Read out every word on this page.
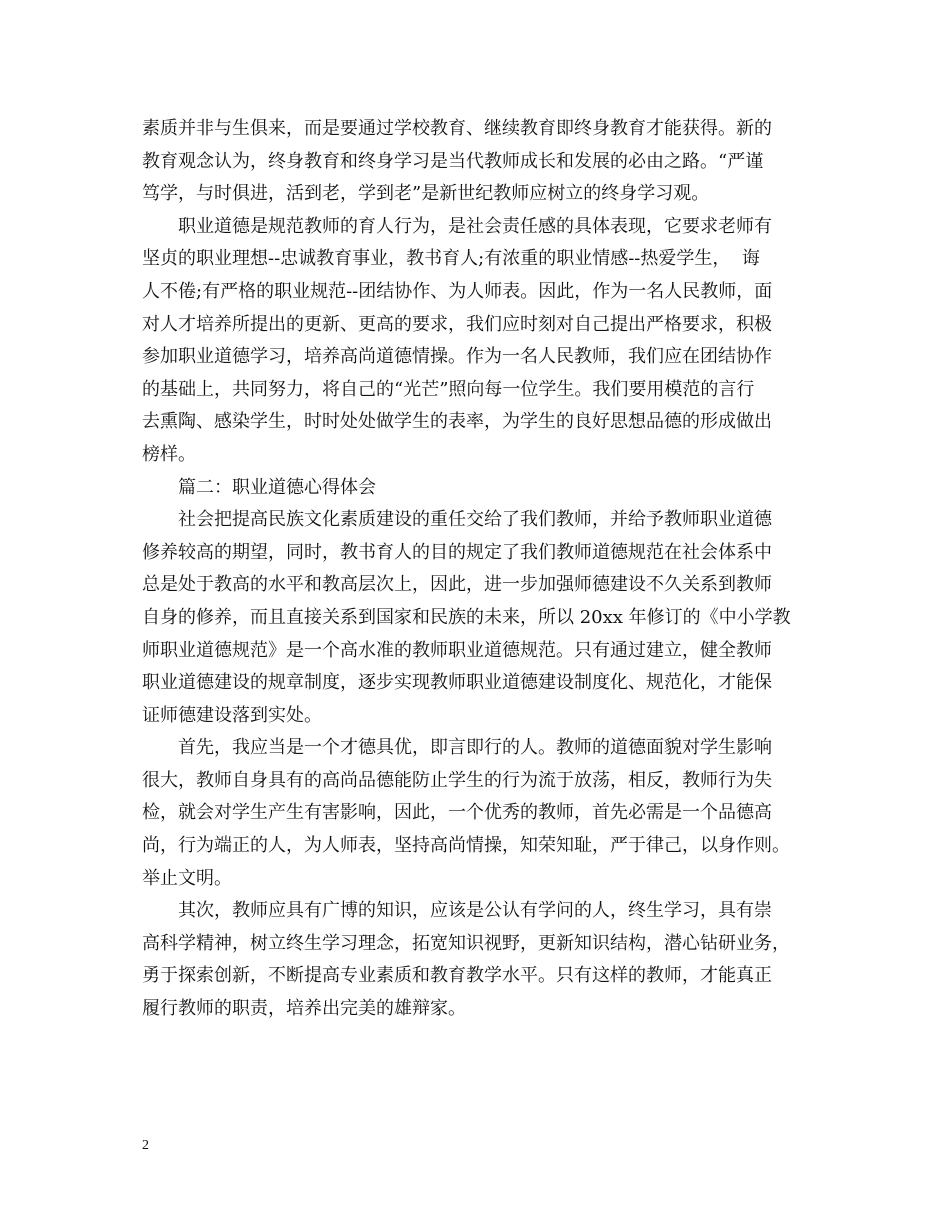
素质并非与生俱来，而是要通过学校教育、继续教育即终身教育才能获得。新的
教育观念认为，终身教育和终身学习是当代教师成长和发展的必由之路。“严谨
笃学，与时俱进，活到老，学到老”是新世纪教师应树立的终身学习观。
职业道德是规范教师的育人行为，是社会责任感的具体表现，它要求老师有
坚贞的职业理想--忠诚教育事业，教书育人;有浓重的职业情感--热爱学生，  诲
人不倦;有严格的职业规范--团结协作、为人师表。因此，作为一名人民教师，面
对人才培养所提出的更新、更高的要求，我们应时刻对自己提出严格要求，积极
参加职业道德学习，培养高尚道德情操。作为一名人民教师，我们应在团结协作
的基础上，共同努力，将自己的“光芒”照向每一位学生。我们要用模范的言行
去熏陶、感染学生，时时处处做学生的表率，为学生的良好思想品德的形成做出
榜样。
篇二：职业道德心得体会
社会把提高民族文化素质建设的重任交给了我们教师，并给予教师职业道德
修养较高的期望，同时，教书育人的目的规定了我们教师道德规范在社会体系中
总是处于教高的水平和教高层次上，因此，进一步加强师德建设不久关系到教师
自身的修养，而且直接关系到国家和民族的未来，所以 20xx 年修订的《中小学教
师职业道德规范》是一个高水准的教师职业道德规范。只有通过建立，健全教师
职业道德建设的规章制度，逐步实现教师职业道德建设制度化、规范化，才能保
证师德建设落到实处。
首先，我应当是一个才德具优，即言即行的人。教师的道德面貌对学生影响
很大，教师自身具有的高尚品德能防止学生的行为流于放荡，相反，教师行为失
检，就会对学生产生有害影响，因此，一个优秀的教师，首先必需是一个品德高
尚，行为端正的人，为人师表，坚持高尚情操，知荣知耻，严于律己，以身作则。
举止文明。
其次，教师应具有广博的知识，应该是公认有学问的人，终生学习，具有崇
高科学精神，树立终生学习理念，拓宽知识视野，更新知识结构，潜心钻研业务，
勇于探索创新，不断提高专业素质和教育教学水平。只有这样的教师，才能真正
履行教师的职责，培养出完美的雄辩家。
2
